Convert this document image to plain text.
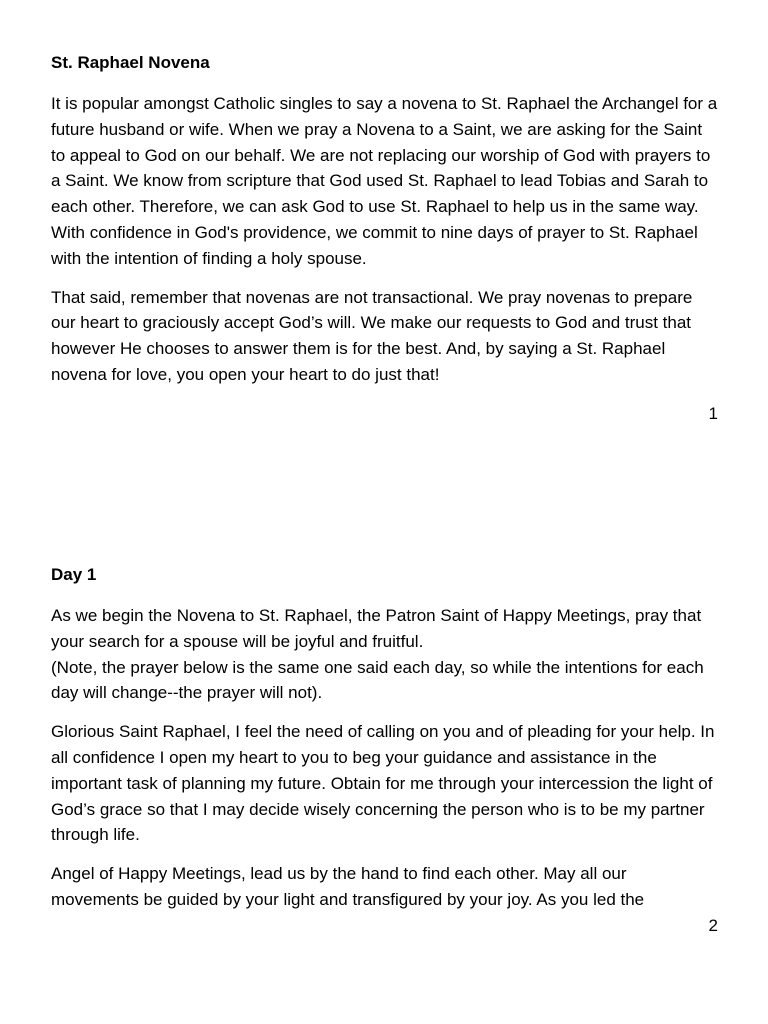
St. Raphael Novena

It is popular amongst Catholic singles to say a novena to St. Raphael the Archangel for a future husband or wife. When we pray a Novena to a Saint, we are asking for the Saint to appeal to God on our behalf. We are not replacing our worship of God with prayers to a Saint. We know from scripture that God used St. Raphael to lead Tobias and Sarah to each other. Therefore, we can ask God to use St. Raphael to help us in the same way. With confidence in God's providence, we commit to nine days of prayer to St. Raphael with the intention of finding a holy spouse.

That said, remember that novenas are not transactional. We pray novenas to prepare our heart to graciously accept God’s will. We make our requests to God and trust that however He chooses to answer them is for the best. And, by saying a St. Raphael novena for love, you open your heart to do just that!

1
Day 1

As we begin the Novena to St. Raphael, the Patron Saint of Happy Meetings, pray that your search for a spouse will be joyful and fruitful.
(Note, the prayer below is the same one said each day, so while the intentions for each day will change--the prayer will not).

Glorious Saint Raphael, I feel the need of calling on you and of pleading for your help. In all confidence I open my heart to you to beg your guidance and assistance in the important task of planning my future. Obtain for me through your intercession the light of God’s grace so that I may decide wisely concerning the person who is to be my partner through life.

Angel of Happy Meetings, lead us by the hand to find each other. May all our movements be guided by your light and transfigured by your joy. As you led the

2
